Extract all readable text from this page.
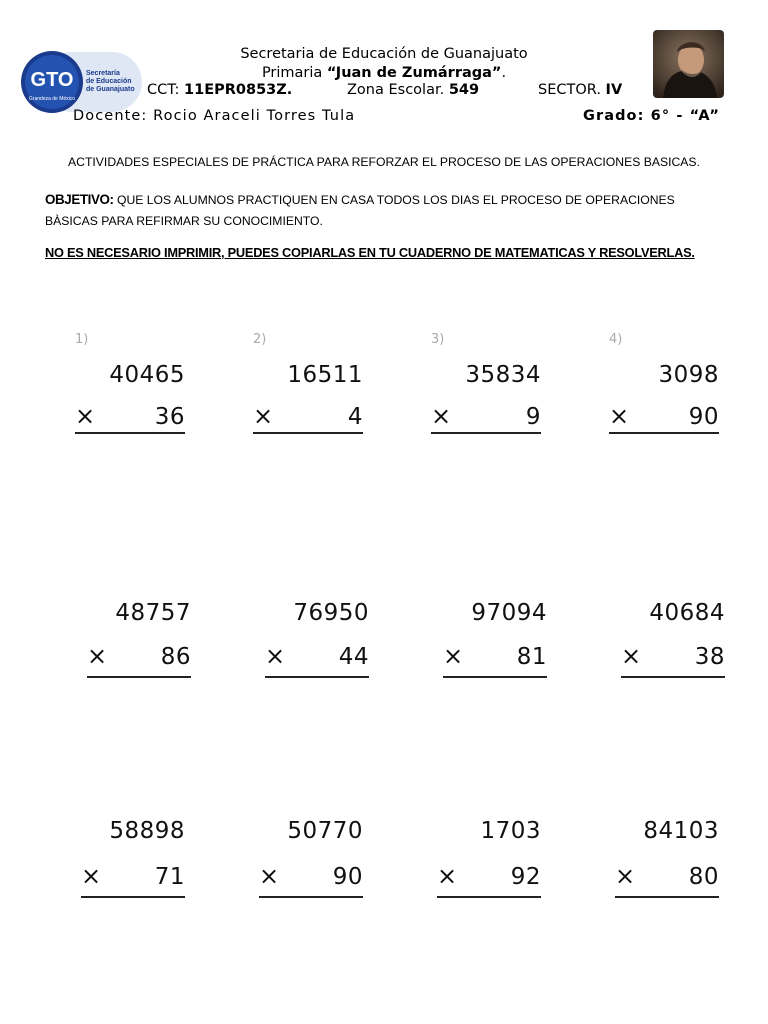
GTO
Grandeza de México
Secretaría
de Educación
de Guanajuato
Secretaria de Educación de Guanajuato
Primaria “Juan de Zumárraga”.
CCT: 11EPR0853Z.	Zona Escolar. 549	SECTOR. IV
Docente: Rocio Araceli Torres Tula	Grado: 6° - “A”
ACTIVIDADES ESPECIALES DE PRÁCTICA PARA REFORZAR EL PROCESO DE LAS OPERACIONES BASICAS.
OBJETIVO: QUE LOS ALUMNOS PRACTIQUEN EN CASA TODOS LOS DIAS EL PROCESO DE OPERACIONES BÀSICAS PARA REFIRMAR SU CONOCIMIENTO.
NO ES NECESARIO IMPRIMIR, PUEDES COPIARLAS EN TU CUADERNO DE MATEMATICAS Y RESOLVERLAS.
1)
40465
×	36
2)
16511
×	4
3)
35834
×	9
4)
3098
×	90
48757
× 86
76950
× 44
97094
× 81
40684
× 38
58898
× 71
50770
× 90
1703
× 92
84103
× 80
